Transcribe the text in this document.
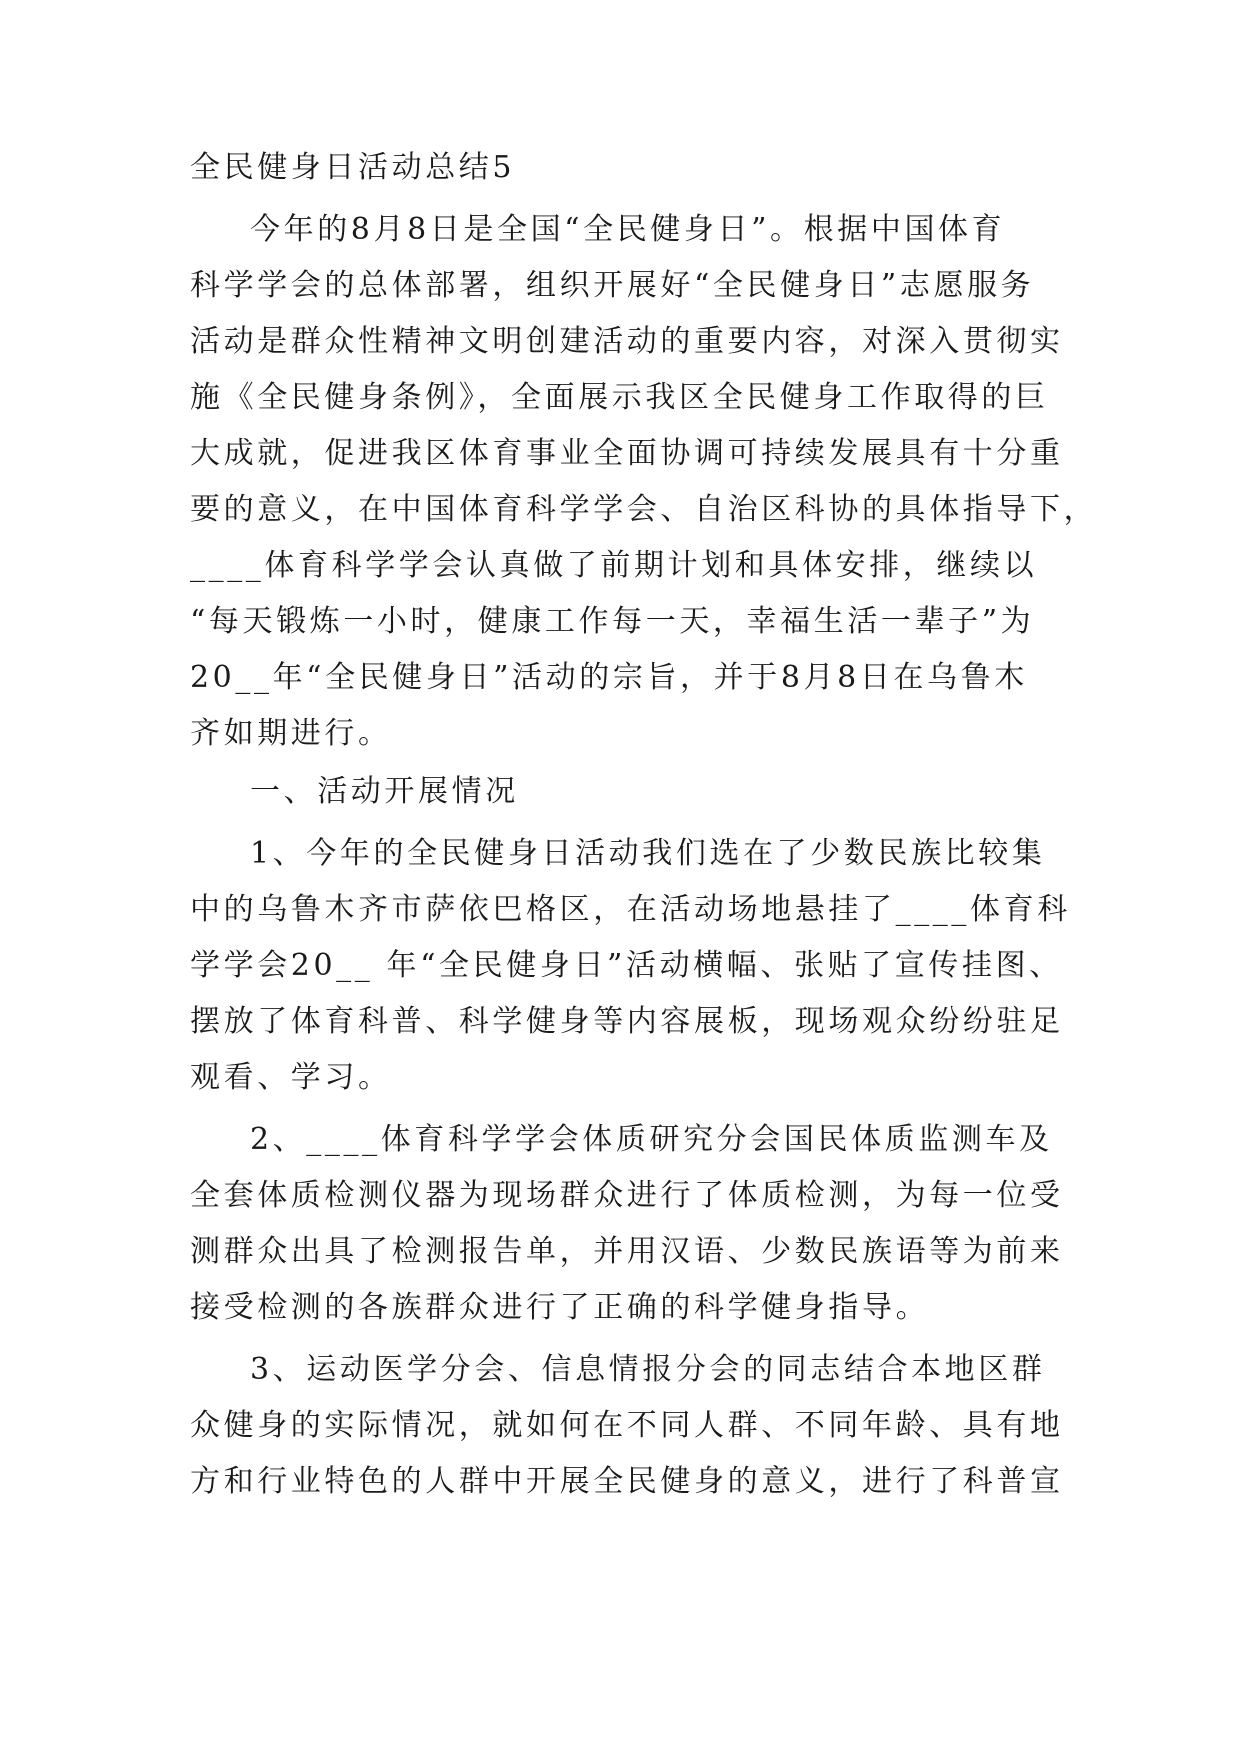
全民健身日活动总结5
今年的8月8日是全国“全民健身日”。根据中国体育
科学学会的总体部署，组织开展好“全民健身日”志愿服务
活动是群众性精神文明创建活动的重要内容，对深入贯彻实
施《全民健身条例》，全面展示我区全民健身工作取得的巨
大成就，促进我区体育事业全面协调可持续发展具有十分重
要的意义，在中国体育科学学会、自治区科协的具体指导下，
____体育科学学会认真做了前期计划和具体安排，继续以
“每天锻炼一小时，健康工作每一天，幸福生活一辈子”为
20__年“全民健身日”活动的宗旨，并于8月8日在乌鲁木
齐如期进行。
一、活动开展情况
1、今年的全民健身日活动我们选在了少数民族比较集
中的乌鲁木齐市萨依巴格区，在活动场地悬挂了____体育科
学学会20__ 年“全民健身日”活动横幅、张贴了宣传挂图、
摆放了体育科普、科学健身等内容展板，现场观众纷纷驻足
观看、学习。
2、____体育科学学会体质研究分会国民体质监测车及
全套体质检测仪器为现场群众进行了体质检测，为每一位受
测群众出具了检测报告单，并用汉语、少数民族语等为前来
接受检测的各族群众进行了正确的科学健身指导。
3、运动医学分会、信息情报分会的同志结合本地区群
众健身的实际情况，就如何在不同人群、不同年龄、具有地
方和行业特色的人群中开展全民健身的意义，进行了科普宣
